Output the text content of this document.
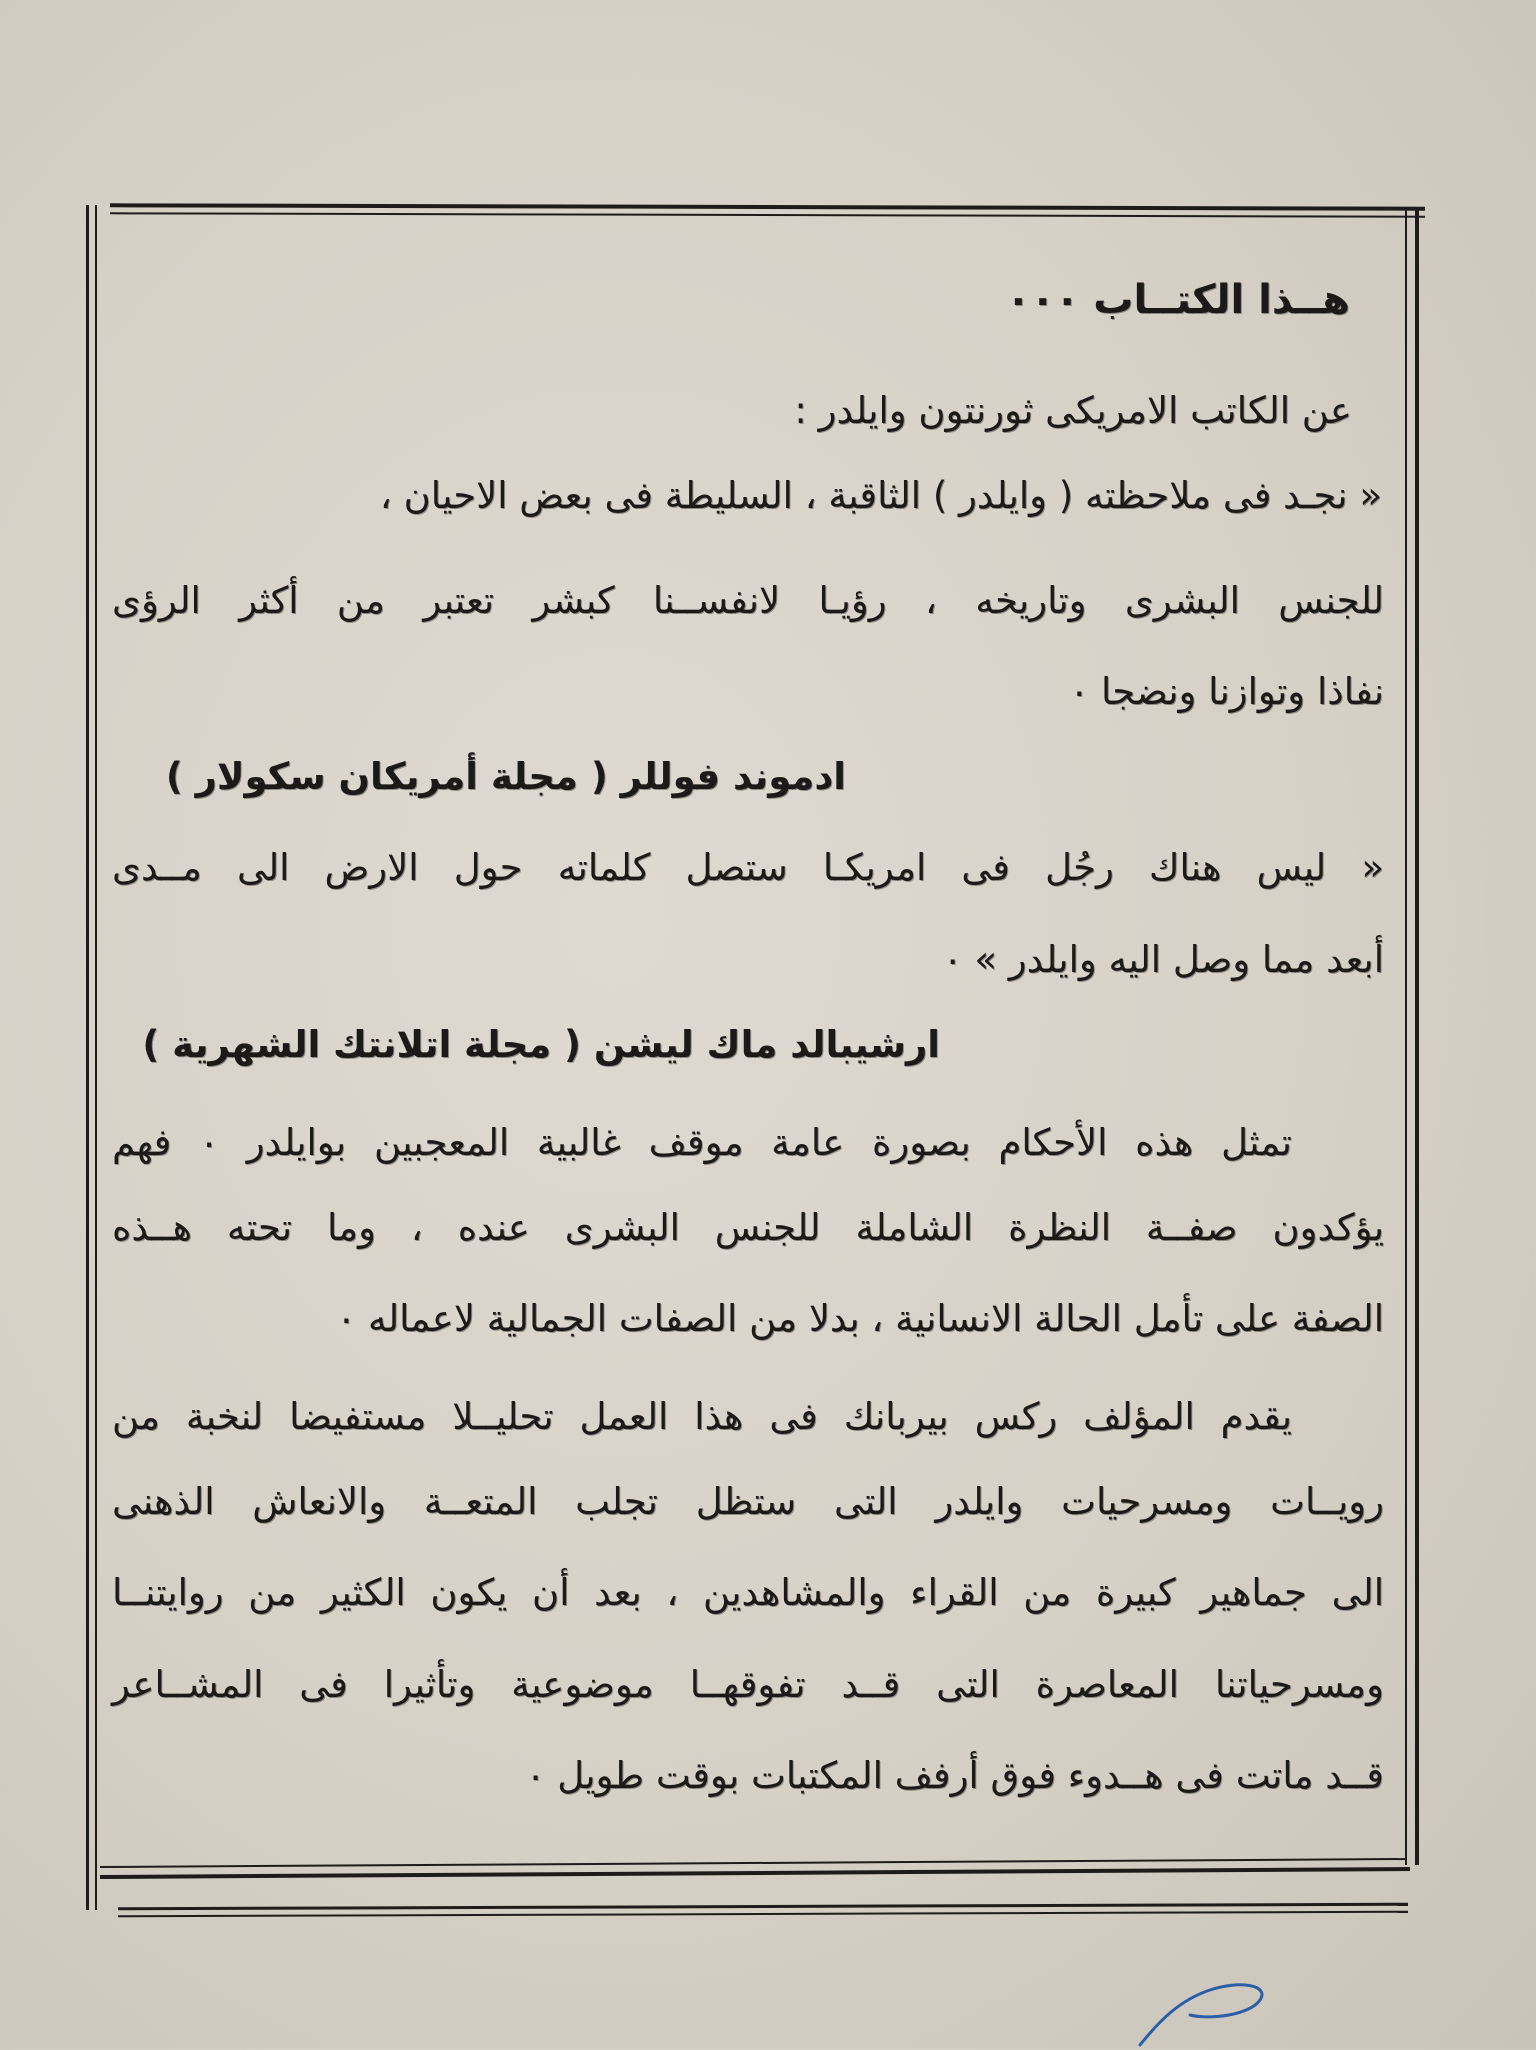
هــذا الكتــاب ٠٠٠
عن الكاتب الامريكى ثورنتون وايلدر :
« نجـد فى ملاحظته ( وايلدر ) الثاقبة ، السليطة فى بعض الاحيان ،
للجنس البشرى وتاريخه ، رؤيـا لانفســنا كبشر تعتبر من أكثر الرؤى
نفاذا وتوازنا ونضجا ٠
ادموند فوللر ( مجلة أمريكان سكولار )
« ليس هناك رجُل فى امريكـا ستصل كلماته حول الارض الى مــدى
أبعد مما وصل اليه وايلدر » ٠
ارشيبالد ماك ليشن ( مجلة اتلانتك الشهرية )
تمثل هذه الأحكام بصورة عامة موقف غالبية المعجبين بوايلدر ٠ فهم
يؤكدون صفــة النظرة الشاملة للجنس البشرى عنده ، وما تحته هــذه
الصفة على تأمل الحالة الانسانية ، بدلا من الصفات الجمالية لاعماله ٠
يقدم المؤلف ركس بيربانك فى هذا العمل تحليــلا مستفيضا لنخبة من
رويــات ومسرحيات وايلدر التى ستظل تجلب المتعــة والانعاش الذهنى
الى جماهير كبيرة من القراء والمشاهدين ، بعد أن يكون الكثير من روايتنــا
ومسرحياتنا المعاصرة التى قــد تفوقهــا موضوعية وتأثيرا فى المشــاعر
قــد ماتت فى هــدوء فوق أرفف المكتبات بوقت طويل ٠
